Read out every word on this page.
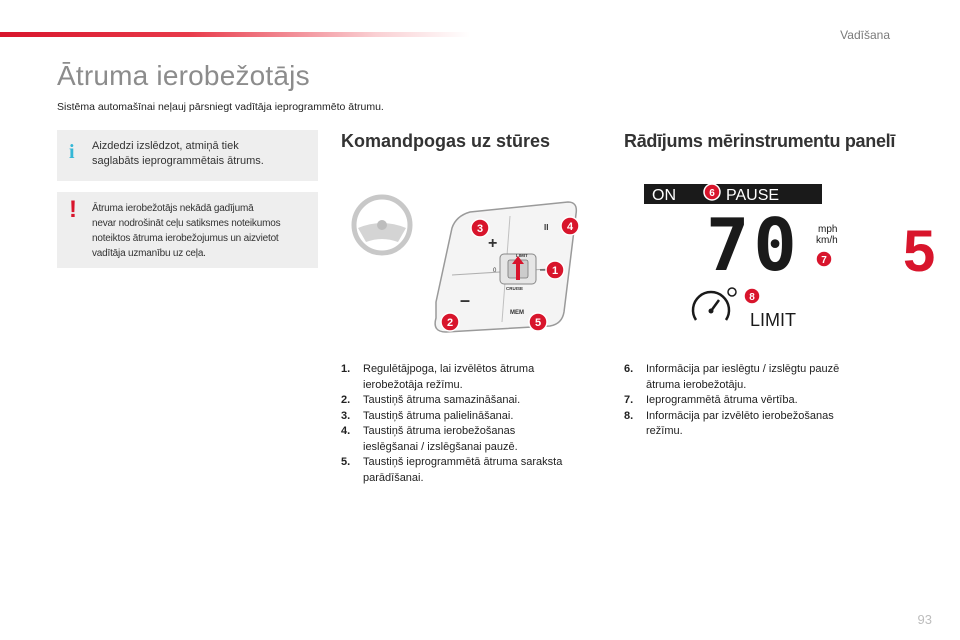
Vadīšana
5
Ātruma ierobežotājs

Sistēma automašīnai neļauj pārsniegt vadītāja ieprogrammēto ātrumu.

i Aizdedzi izslēdzot, atmiņā tiek
saglabāts ieprogrammētais ātrums.
! Ātruma ierobežotājs nekādā gadījumā
nevar nodrošināt ceļu satiksmes noteikumos
noteiktos ātruma ierobežojumus un aizvietot
vadītāja uzmanību uz ceļa.
Komandpogas uz stūres	Rādījums mērinstrumentu panelī
+
–
II
MEM
LIMIT
CRUISE
0	1
2
3	4
5
ON	PAUSE
6
70 mph
km/h
7
8
LIMIT
1.	Regulētājpoga, lai izvēlētos ātruma
ierobežotāja režīmu.
2.	Taustiņš ātruma samazināšanai.
3.	Taustiņš ātruma palielināšanai.
4.	Taustiņš ātruma ierobežošanas
ieslēgšanai / izslēgšanai pauzē.
5.	Taustiņš ieprogrammētā ātruma saraksta
parādīšanai.
6.	Informācija par ieslēgtu / izslēgtu pauzē
ātruma ierobežotāju.
7.	Ieprogrammētā ātruma vērtība.
8.	Informācija par izvēlēto ierobežošanas
režīmu.
93
